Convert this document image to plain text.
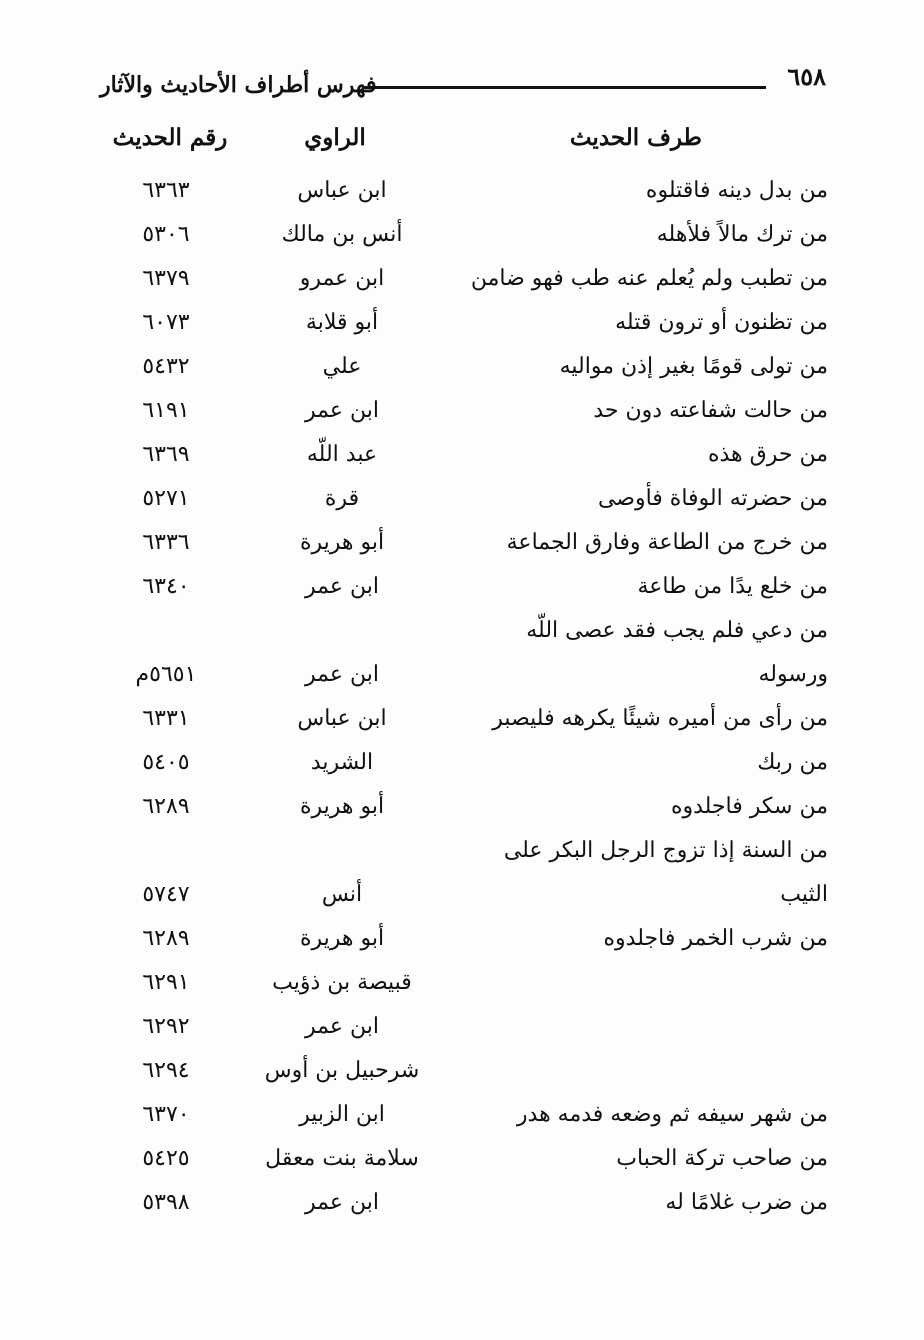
٦٥٨
فهرس أطراف الأحاديث والآثار
طرف الحديث
الراوي
رقم الحديث
من بدل دينه فاقتلوه
ابن عباس
٦٣٦٣
من ترك مالاً فلأهله
أنس بن مالك
٥٣٠٦
من تطبب ولم يُعلم عنه طب فهو ضامن
ابن عمرو
٦٣٧٩
من تظنون أو ترون قتله
أبو قلابة
٦٠٧٣
من تولى قومًا بغير إذن مواليه
علي
٥٤٣٢
من حالت شفاعته دون حد
ابن عمر
٦١٩١
من حرق هذه
عبد اللّه
٦٣٦٩
من حضرته الوفاة فأوصى
قرة
٥٢٧١
من خرج من الطاعة وفارق الجماعة
أبو هريرة
٦٣٣٦
من خلع يدًا من طاعة
ابن عمر
٦٣٤٠
من دعي فلم يجب فقد عصى اللّه
ورسوله
ابن عمر
٥٦٥١م
من رأى من أميره شيئًا يكرهه فليصبر
ابن عباس
٦٣٣١
من ربك
الشريد
٥٤٠٥
من سكر فاجلدوه
أبو هريرة
٦٢٨٩
من السنة إذا تزوج الرجل البكر على
الثيب
أنس
٥٧٤٧
من شرب الخمر فاجلدوه
أبو هريرة
٦٢٨٩
قبيصة بن ذؤيب
٦٢٩١
ابن عمر
٦٢٩٢
شرحبيل بن أوس
٦٢٩٤
من شهر سيفه ثم وضعه فدمه هدر
ابن الزبير
٦٣٧٠
من صاحب تركة الحباب
سلامة بنت معقل
٥٤٢٥
من ضرب غلامًا له
ابن عمر
٥٣٩٨
